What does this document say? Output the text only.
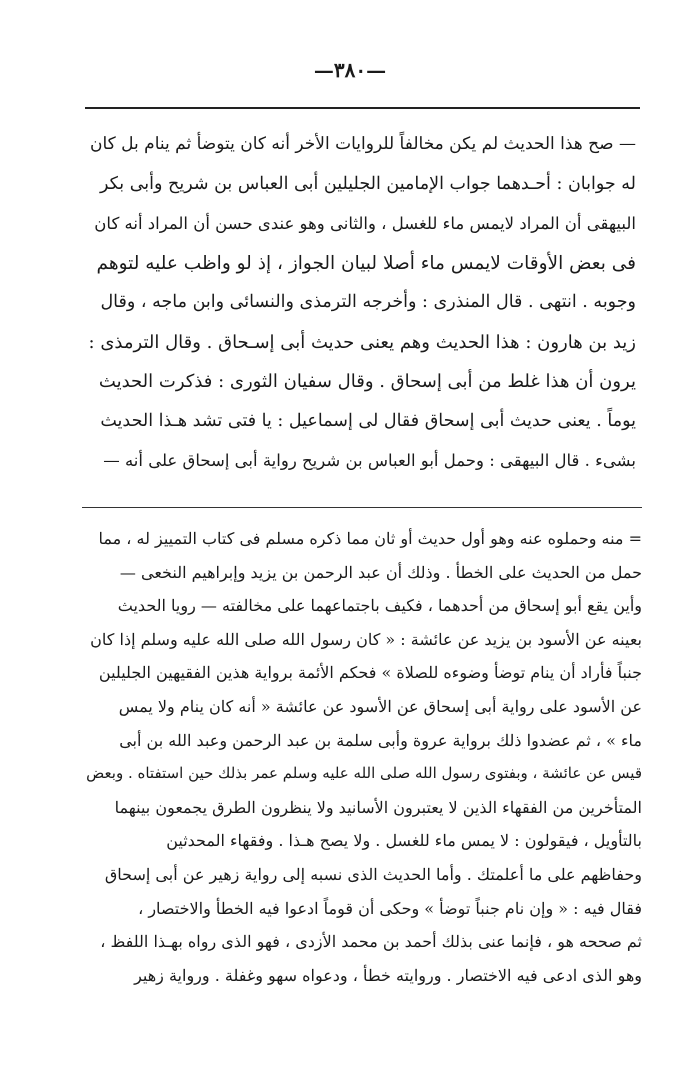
—٣٨٠—
— صح هذا الحديث لم يكن مخالفاً للروايات الأخر أنه كان يتوضأ ثم ينام بل كان
له جوابان : أحـدهما جواب الإمامين الجليلين أبى العباس بن شريح وأبى بكر
البيهقى أن المراد لايمس ماء للغسل ، والثانى وهو عندى حسن أن المراد أنه كان
فى بعض الأوقات لايمس ماء أصلا لبيان الجواز ، إذ لو واظب عليه لتوهم
وجوبه . انتهى . قال المنذرى : وأخرجه الترمذى والنسائى وابن ماجه ، وقال
زيد بن هارون : هذا الحديث وهم يعنى حديث أبى إسـحاق . وقال الترمذى :
يرون أن هذا غلط من أبى إسحاق . وقال سفيان الثورى : فذكرت الحديث
يوماً . يعنى حديث أبى إسحاق فقال لى إسماعيل : يا فتى تشد هـذا الحديث
بشىء . قال البيهقى : وحمل أبو العباس بن شريح رواية أبى إسحاق على أنه —
= منه وحملوه عنه وهو أول حديث أو ثان مما ذكره مسلم فى كتاب التمييز له ، مما
حمل من الحديث على الخطأ . وذلك أن عبد الرحمن بن يزيد وإبراهيم النخعى —
وأين يقع أبو إسحاق من أحدهما ، فكيف باجتماعهما على مخالفته — رويا الحديث
بعينه عن الأسود بن يزيد عن عائشة : « كان رسول الله صلى الله عليه وسلم إذا كان
جنباً فأراد أن ينام توضأ وضوءه للصلاة » فحكم الأئمة برواية هذين الفقيهين الجليلين
عن الأسود على رواية أبى إسحاق عن الأسود عن عائشة « أنه كان ينام ولا يمس
ماء » ، ثم عضدوا ذلك برواية عروة وأبى سلمة بن عبد الرحمن وعبد الله بن أبى
قيس عن عائشة ، وبفتوى رسول الله صلى الله عليه وسلم عمر بذلك حين استفتاه . وبعض
المتأخرين من الفقهاء الذين لا يعتبرون الأسانيد ولا ينظرون الطرق يجمعون بينهما
بالتأويل ، فيقولون : لا يمس ماء للغسل . ولا يصح هـذا . وفقهاء المحدثين
وحفاظهم على ما أعلمتك . وأما الحديث الذى نسبه إلى رواية زهير عن أبى إسحاق
فقال فيه : « وإن نام جنباً توضأ » وحكى أن قوماً ادعوا فيه الخطأ والاختصار ،
ثم صححه هو ، فإنما عنى بذلك أحمد بن محمد الأزدى ، فهو الذى رواه بهـذا اللفظ ،
وهو الذى ادعى فيه الاختصار . وروايته خطأ ، ودعواه سهو وغفلة . ورواية زهير
